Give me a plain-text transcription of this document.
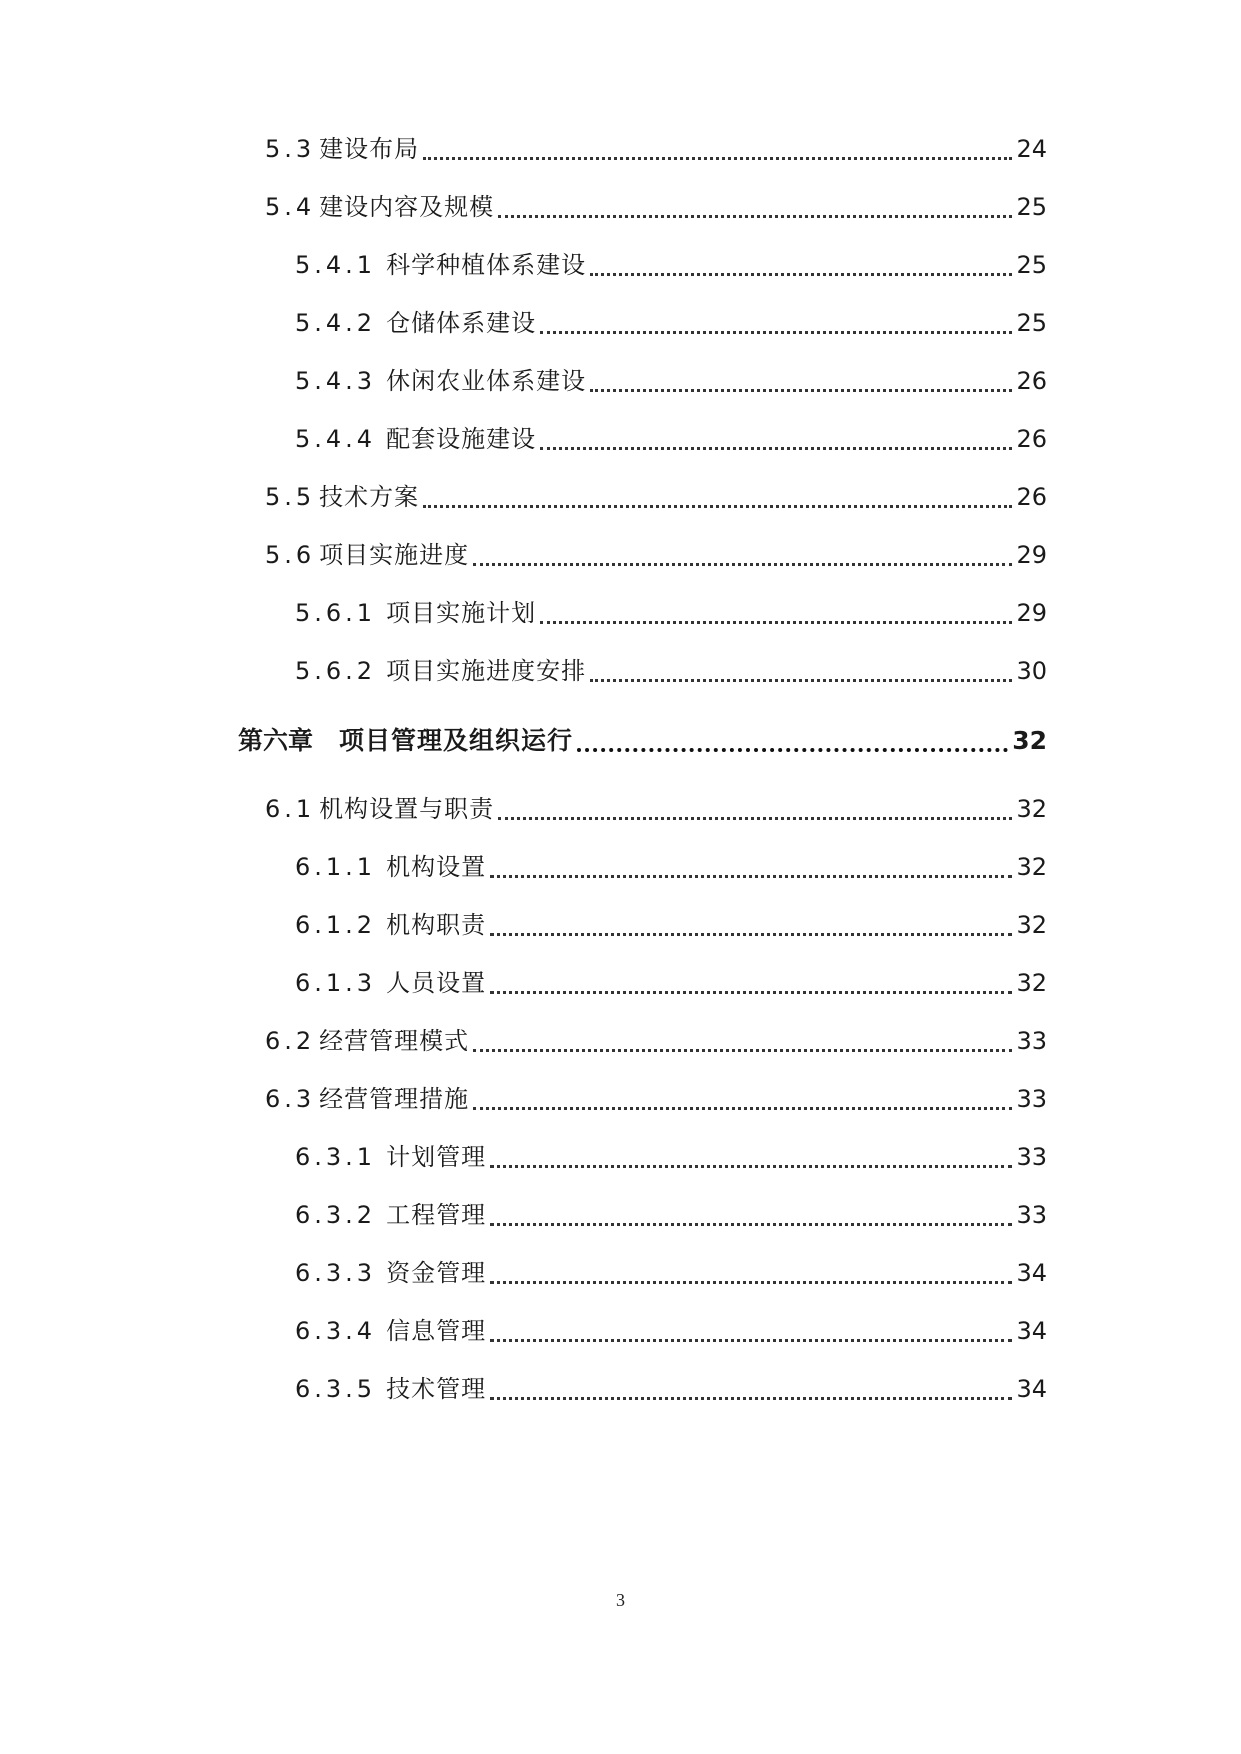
5.3 建设布局	24
5.4 建设内容及规模	25
5.4.1 科学种植体系建设	25
5.4.2 仓储体系建设	25
5.4.3 休闲农业体系建设	26
5.4.4 配套设施建设	26
5.5 技术方案	26
5.6 项目实施进度	29
5.6.1 项目实施计划	29
5.6.2 项目实施进度安排	30
第六章 项目管理及组织运行	32
6.1 机构设置与职责	32
6.1.1 机构设置	32
6.1.2 机构职责	32
6.1.3 人员设置	32
6.2 经营管理模式	33
6.3 经营管理措施	33
6.3.1 计划管理	33
6.3.2 工程管理	33
6.3.3 资金管理	34
6.3.4 信息管理	34
6.3.5 技术管理	34
3
